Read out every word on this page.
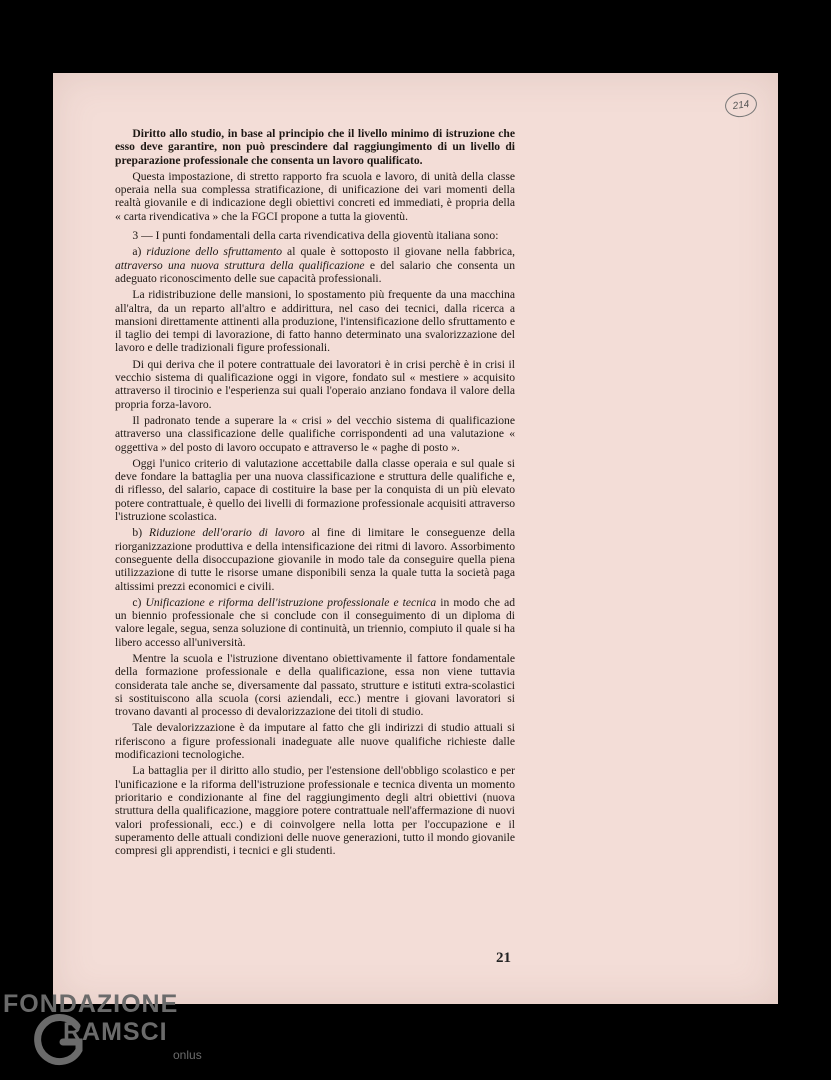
214

Diritto allo studio, in base al principio che il livello minimo di istruzione che esso deve garantire, non può prescindere dal raggiungimento di un livello di preparazione professionale che consenta un lavoro qualificato.

Questa impostazione, di stretto rapporto fra scuola e lavoro, di unità della classe operaia nella sua complessa stratificazione, di unificazione dei vari momenti della realtà giovanile e di indicazione degli obiettivi concreti ed immediati, è propria della « carta rivendicativa » che la FGCI propone a tutta la gioventù.

3 — I punti fondamentali della carta rivendicativa della gioventù italiana sono:

a) riduzione dello sfruttamento al quale è sottoposto il giovane nella fabbrica, attraverso una nuova struttura della qualificazione e del salario che consenta un adeguato riconoscimento delle sue capacità professionali.

La ridistribuzione delle mansioni, lo spostamento più frequente da una macchina all'altra, da un reparto all'altro e addirittura, nel caso dei tecnici, dalla ricerca a mansioni direttamente attinenti alla produzione, l'intensificazione dello sfruttamento e il taglio dei tempi di lavorazione, di fatto hanno determinato una svalorizzazione del lavoro e delle tradizionali figure professionali.

Di qui deriva che il potere contrattuale dei lavoratori è in crisi perchè è in crisi il vecchio sistema di qualificazione oggi in vigore, fondato sul « mestiere » acquisito attraverso il tirocinio e l'esperienza sui quali l'operaio anziano fondava il valore della propria forza-lavoro.

Il padronato tende a superare la « crisi » del vecchio sistema di qualificazione attraverso una classificazione delle qualifiche corrispondenti ad una valutazione « oggettiva » del posto di lavoro occupato e attraverso le « paghe di posto ».

Oggi l'unico criterio di valutazione accettabile dalla classe operaia e sul quale si deve fondare la battaglia per una nuova classificazione e struttura delle qualifiche e, di riflesso, del salario, capace di costituire la base per la conquista di un più elevato potere contrattuale, è quello dei livelli di formazione professionale acquisiti attraverso l'istruzione scolastica.

b) Riduzione dell'orario di lavoro al fine di limitare le conseguenze della riorganizzazione produttiva e della intensificazione dei ritmi di lavoro. Assorbimento conseguente della disoccupazione giovanile in modo tale da conseguire quella piena utilizzazione di tutte le risorse umane disponibili senza la quale tutta la società paga altissimi prezzi economici e civili.

c) Unificazione e riforma dell'istruzione professionale e tecnica in modo che ad un biennio professionale che si conclude con il conseguimento di un diploma di valore legale, segua, senza soluzione di continuità, un triennio, compiuto il quale si ha libero accesso all'università.

Mentre la scuola e l'istruzione diventano obiettivamente il fattore fondamentale della formazione professionale e della qualificazione, essa non viene tuttavia considerata tale anche se, diversamente dal passato, strutture e istituti extra-scolastici si sostituiscono alla scuola (corsi aziendali, ecc.) mentre i giovani lavoratori si trovano davanti al processo di devalorizzazione dei titoli di studio.

Tale devalorizzazione è da imputare al fatto che gli indirizzi di studio attuali si riferiscono a figure professionali inadeguate alle nuove qualifiche richieste dalle modificazioni tecnologiche.

La battaglia per il diritto allo studio, per l'estensione dell'obbligo scolastico e per l'unificazione e la riforma dell'istruzione professionale e tecnica diventa un momento prioritario e condizionante al fine del raggiungimento degli altri obiettivi (nuova struttura della qualificazione, maggiore potere contrattuale nell'affermazione di nuovi valori professionali, ecc.) e di coinvolgere nella lotta per l'occupazione e il superamento delle attuali condizioni delle nuove generazioni, tutto il mondo giovanile compresi gli apprendisti, i tecnici e gli studenti.

21
FONDAZIONE
RAMSCI
onlus
